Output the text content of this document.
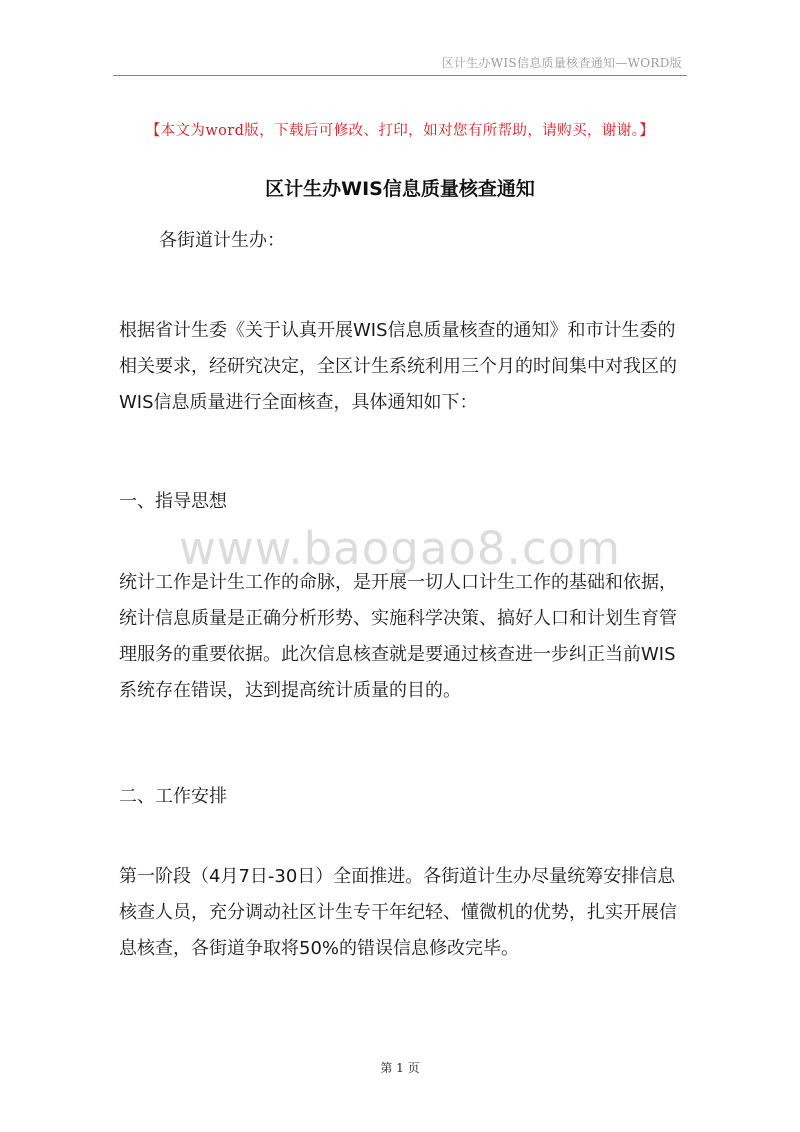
区计生办WIS信息质量核查通知—WORD版
【本文为word版，下载后可修改、打印，如对您有所帮助，请购买，谢谢。】
区计生办WIS信息质量核查通知

各街道计生办：

根据省计生委《关于认真开展WIS信息质量核查的通知》和市计生委的相关要求，经研究决定，全区计生系统利用三个月的时间集中对我区的WIS信息质量进行全面核查，具体通知如下：

一、指导思想

统计工作是计生工作的命脉，是开展一切人口计生工作的基础和依据，统计信息质量是正确分析形势、实施科学决策、搞好人口和计划生育管理服务的重要依据。此次信息核查就是要通过核查进一步纠正当前WIS系统存在错误，达到提高统计质量的目的。

二、工作安排

第一阶段（4月7日-30日）全面推进。各街道计生办尽量统筹安排信息核查人员，充分调动社区计生专干年纪轻、懂微机的优势，扎实开展信息核查，各街道争取将50%的错误信息修改完毕。

www.baogao8.com
第 1 页
